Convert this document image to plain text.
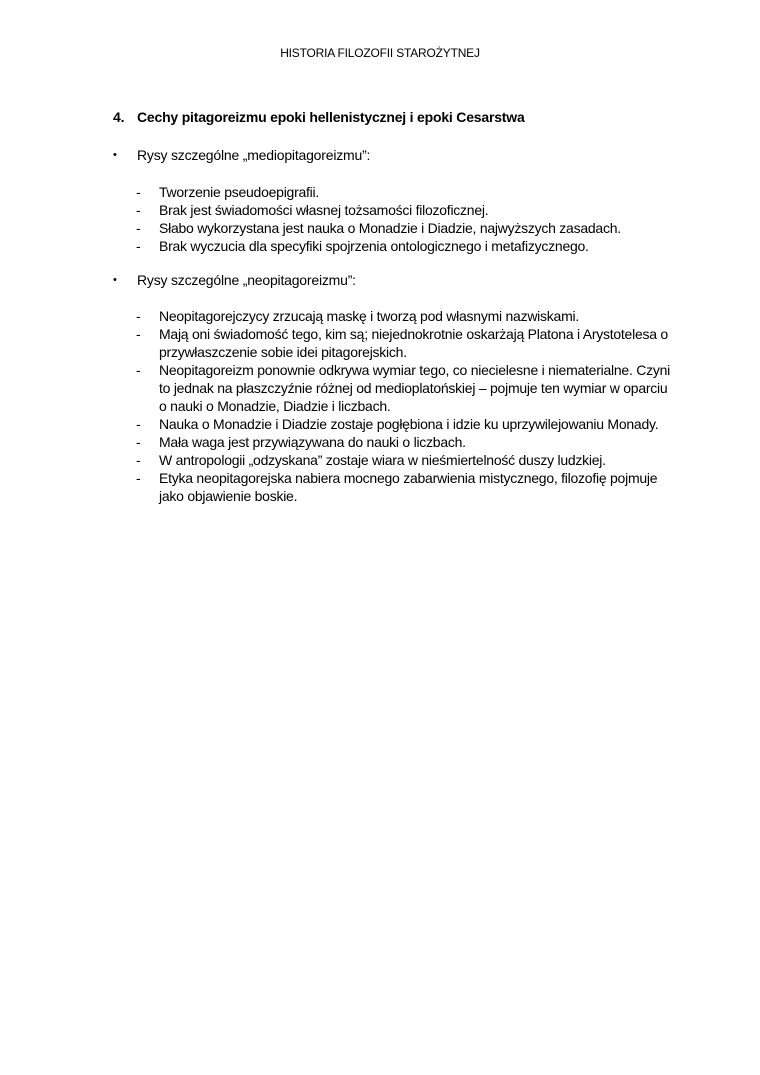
HISTORIA FILOZOFII STAROŻYTNEJ
4. Cechy pitagoreizmu epoki hellenistycznej i epoki Cesarstwa
•	Rysy szczególne „mediopitagoreizmu”:
-	Tworzenie pseudoepigrafii.
-	Brak jest świadomości własnej tożsamości filozoficznej.
-	Słabo wykorzystana jest nauka o Monadzie i Diadzie, najwyższych zasadach.
-	Brak wyczucia dla specyfiki spojrzenia ontologicznego i metafizycznego.
•	Rysy szczególne „neopitagoreizmu”:
-	Neopitagorejczycy zrzucają maskę i tworzą pod własnymi nazwiskami.
-	Mają oni świadomość tego, kim są; niejednokrotnie oskarżają Platona i Arystotelesa o przywłaszczenie sobie idei pitagorejskich.
-	Neopitagoreizm ponownie odkrywa wymiar tego, co niecielesne i niematerialne. Czyni to jednak na płaszczyźnie różnej od medioplatońskiej – pojmuje ten wymiar w oparciu o nauki o Monadzie, Diadzie i liczbach.
-	Nauka o Monadzie i Diadzie zostaje pogłębiona i idzie ku uprzywilejowaniu Monady.
-	Mała waga jest przywiązywana do nauki o liczbach.
-	W antropologii „odzyskana” zostaje wiara w nieśmiertelność duszy ludzkiej.
-	Etyka neopitagorejska nabiera mocnego zabarwienia mistycznego, filozofię pojmuje jako objawienie boskie.
